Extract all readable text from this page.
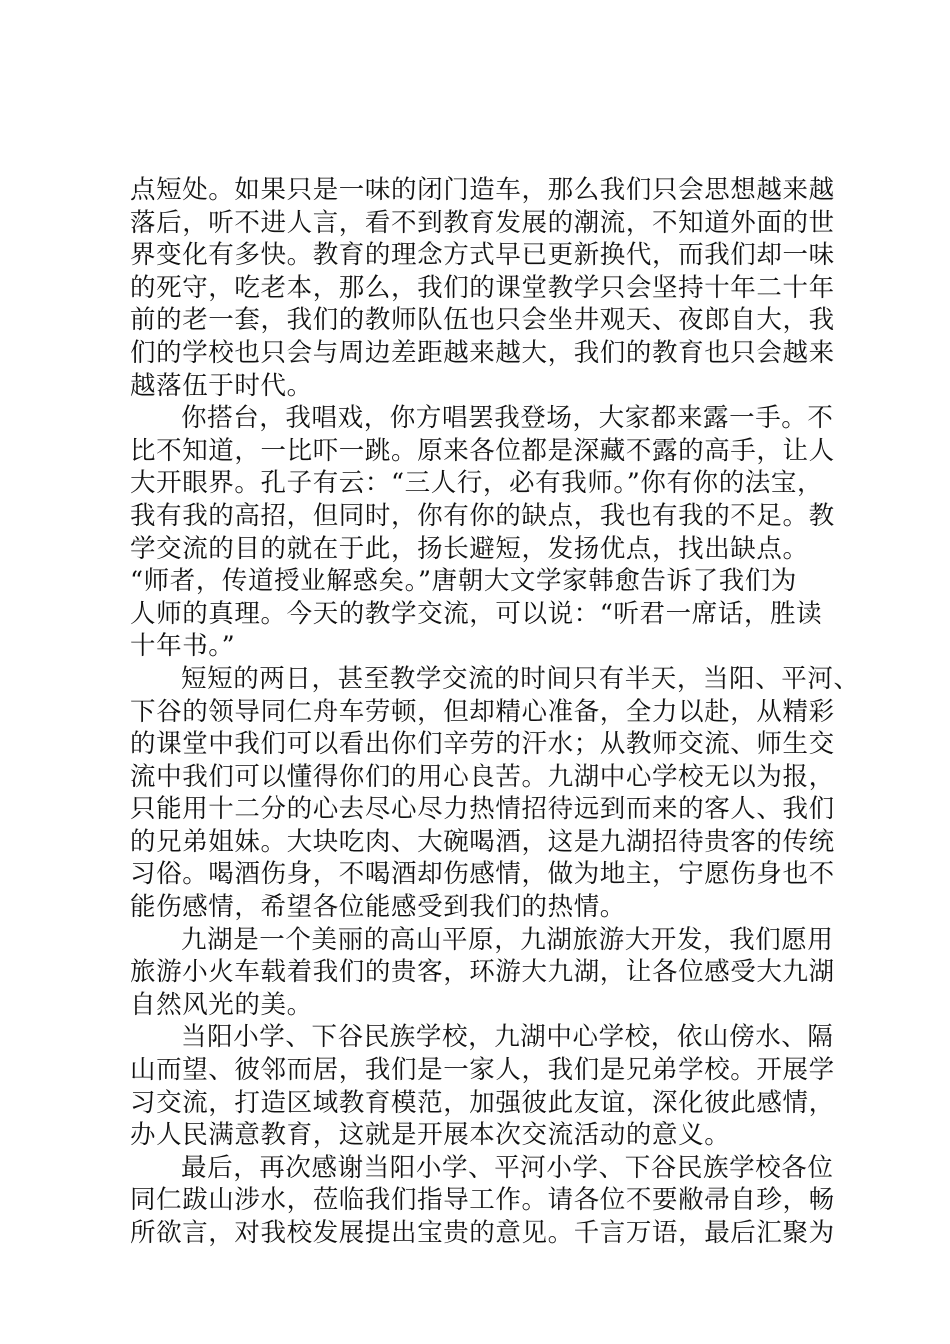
点短处。如果只是一味的闭门造车，那么我们只会思想越来越
落后，听不进人言，看不到教育发展的潮流，不知道外面的世
界变化有多快。教育的理念方式早已更新换代，而我们却一味
的死守，吃老本，那么，我们的课堂教学只会坚持十年二十年
前的老一套，我们的教师队伍也只会坐井观天、夜郎自大，我
们的学校也只会与周边差距越来越大，我们的教育也只会越来
越落伍于时代。

你搭台，我唱戏，你方唱罢我登场，大家都来露一手。不
比不知道，一比吓一跳。原来各位都是深藏不露的高手，让人
大开眼界。孔子有云：“三人行，必有我师。”你有你的法宝，
我有我的高招，但同时，你有你的缺点，我也有我的不足。教
学交流的目的就在于此，扬长避短，发扬优点，找出缺点。
“师者，传道授业解惑矣。”唐朝大文学家韩愈告诉了我们为
人师的真理。今天的教学交流，可以说：“听君一席话，胜读
十年书。”

短短的两日，甚至教学交流的时间只有半天，当阳、平河、
下谷的领导同仁舟车劳顿，但却精心准备，全力以赴，从精彩
的课堂中我们可以看出你们辛劳的汗水；从教师交流、师生交
流中我们可以懂得你们的用心良苦。九湖中心学校无以为报，
只能用十二分的心去尽心尽力热情招待远到而来的客人、我们
的兄弟姐妹。大块吃肉、大碗喝酒，这是九湖招待贵客的传统
习俗。喝酒伤身，不喝酒却伤感情，做为地主，宁愿伤身也不
能伤感情，希望各位能感受到我们的热情。

九湖是一个美丽的高山平原，九湖旅游大开发，我们愿用
旅游小火车载着我们的贵客，环游大九湖，让各位感受大九湖
自然风光的美。

当阳小学、下谷民族学校，九湖中心学校，依山傍水、隔
山而望、彼邻而居，我们是一家人，我们是兄弟学校。开展学
习交流，打造区域教育模范，加强彼此友谊，深化彼此感情，
办人民满意教育，这就是开展本次交流活动的意义。

最后，再次感谢当阳小学、平河小学、下谷民族学校各位
同仁跋山涉水，莅临我们指导工作。请各位不要敝帚自珍，畅
所欲言，对我校发展提出宝贵的意见。千言万语，最后汇聚为
